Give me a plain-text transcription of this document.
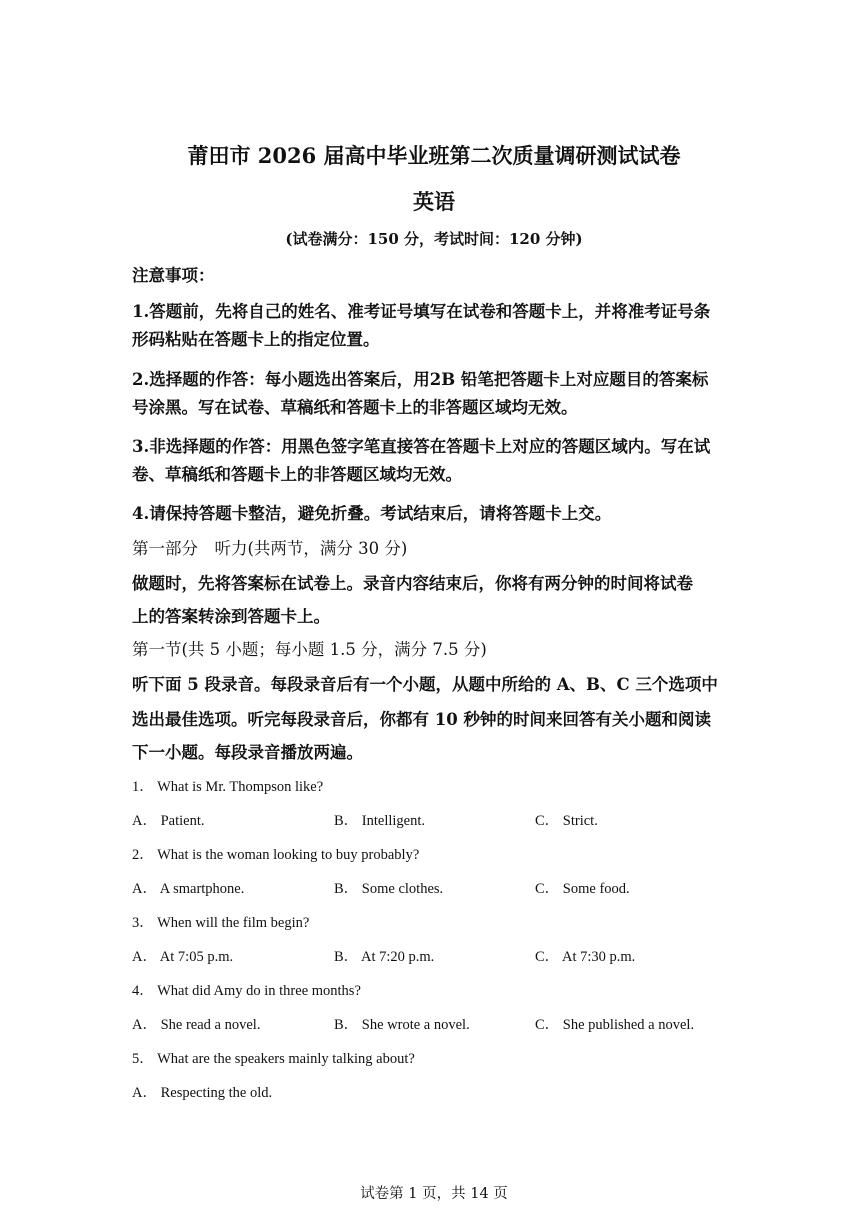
莆田市 2026 届高中毕业班第二次质量调研测试试卷

英语

(试卷满分：150 分，考试时间：120 分钟)

注意事项：

1.答题前，先将自己的姓名、准考证号填写在试卷和答题卡上，并将准考证号条

形码粘贴在答题卡上的指定位置。

2.选择题的作答：每小题选出答案后，用2B 铅笔把答题卡上对应题目的答案标

号涂黑。写在试卷、草稿纸和答题卡上的非答题区域均无效。

3.非选择题的作答：用黑色签字笔直接答在答题卡上对应的答题区域内。写在试

卷、草稿纸和答题卡上的非答题区域均无效。

4.请保持答题卡整洁，避免折叠。考试结束后，请将答题卡上交。

第一部分　听力(共两节，满分 30 分)

做题时，先将答案标在试卷上。录音内容结束后，你将有两分钟的时间将试卷

上的答案转涂到答题卡上。

第一节(共 5 小题；每小题 1.5 分，满分 7.5 分)

听下面 5 段录音。每段录音后有一个小题，从题中所给的 A、B、C 三个选项中

选出最佳选项。听完每段录音后，你都有 10 秒钟的时间来回答有关小题和阅读

下一小题。每段录音播放两遍。

1． What is Mr. Thompson like?

A． Patient.	B． Intelligent.	C． Strict.

2． What is the woman looking to buy probably?

A． A smartphone.	B． Some clothes.	C． Some food.

3． When will the film begin?

A． At 7:05 p.m.	B． At 7:20 p.m.	C． At 7:30 p.m.

4． What did Amy do in three months?

A． She read a novel.	B． She wrote a novel.	C． She published a novel.

5． What are the speakers mainly talking about?

A． Respecting the old.

试卷第 1 页，共 14 页
